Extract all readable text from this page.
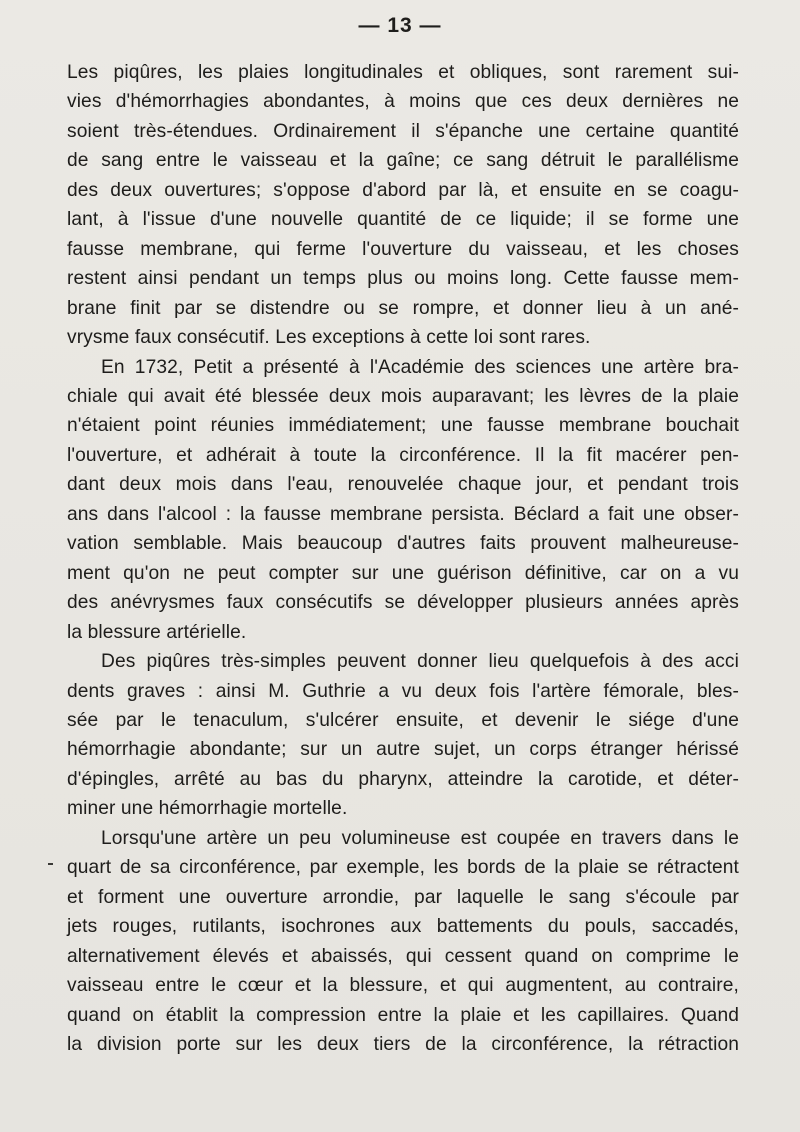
— 13 —
Les piqûres, les plaies longitudinales et obliques, sont rarement sui-
vies d'hémorrhagies abondantes, à moins que ces deux dernières ne
soient très-étendues. Ordinairement il s'épanche une certaine quantité
de sang entre le vaisseau et la gaîne; ce sang détruit le parallélisme
des deux ouvertures; s'oppose d'abord par là, et ensuite en se coagu-
lant, à l'issue d'une nouvelle quantité de ce liquide; il se forme une
fausse membrane, qui ferme l'ouverture du vaisseau, et les choses
restent ainsi pendant un temps plus ou moins long. Cette fausse mem-
brane finit par se distendre ou se rompre, et donner lieu à un ané-
vrysme faux consécutif. Les exceptions à cette loi sont rares.
En 1732, Petit a présenté à l'Académie des sciences une artère bra-
chiale qui avait été blessée deux mois auparavant; les lèvres de la plaie
n'étaient point réunies immédiatement; une fausse membrane bouchait
l'ouverture, et adhérait à toute la circonférence. Il la fit macérer pen-
dant deux mois dans l'eau, renouvelée chaque jour, et pendant trois
ans dans l'alcool : la fausse membrane persista. Béclard a fait une obser-
vation semblable. Mais beaucoup d'autres faits prouvent malheureuse-
ment qu'on ne peut compter sur une guérison définitive, car on a vu
des anévrysmes faux consécutifs se développer plusieurs années après
la blessure artérielle.
Des piqûres très-simples peuvent donner lieu quelquefois à des acci
dents graves : ainsi M. Guthrie a vu deux fois l'artère fémorale, bles-
sée par le tenaculum, s'ulcérer ensuite, et devenir le siége d'une
hémorrhagie abondante; sur un autre sujet, un corps étranger hérissé
d'épingles, arrêté au bas du pharynx, atteindre la carotide, et déter-
miner une hémorrhagie mortelle.
Lorsqu'une artère un peu volumineuse est coupée en travers dans le
quart de sa circonférence, par exemple, les bords de la plaie se rétractent
et forment une ouverture arrondie, par laquelle le sang s'écoule par
jets rouges, rutilants, isochrones aux battements du pouls, saccadés,
alternativement élevés et abaissés, qui cessent quand on comprime le
vaisseau entre le cœur et la blessure, et qui augmentent, au contraire,
quand on établit la compression entre la plaie et les capillaires. Quand
la division porte sur les deux tiers de la circonférence, la rétraction
